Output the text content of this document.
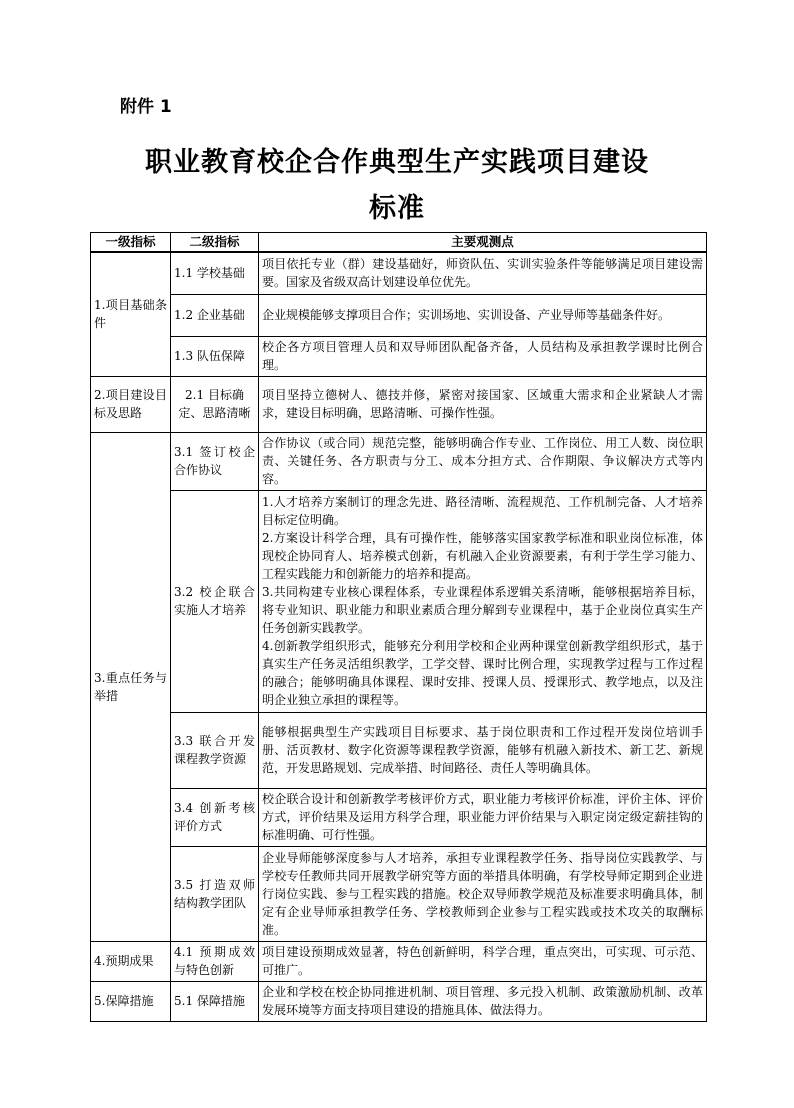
附件 1
职业教育校企合作典型生产实践项目建设
标准
一级指标	二级指标	主要观测点
1.项目基础条件	1.1 学校基础	项目依托专业（群）建设基础好，师资队伍、实训实验条件等能够满足项目建设需要。国家及省级双高计划建设单位优先。
	1.2 企业基础	企业规模能够支撑项目合作；实训场地、实训设备、产业导师等基础条件好。
	1.3 队伍保障	校企各方项目管理人员和双导师团队配备齐备，人员结构及承担教学课时比例合理。
2.项目建设目标及思路	2.1 目标确定、思路清晰	项目坚持立德树人、德技并修，紧密对接国家、区域重大需求和企业紧缺人才需求，建设目标明确，思路清晰、可操作性强。
3.重点任务与举措	3.1 签订校企合作协议	合作协议（或合同）规范完整，能够明确合作专业、工作岗位、用工人数、岗位职责、关键任务、各方职责与分工、成本分担方式、合作期限、争议解决方式等内容。
	3.2 校企联合实施人才培养	1.人才培养方案制订的理念先进、路径清晰、流程规范、工作机制完备、人才培养目标定位明确。
2.方案设计科学合理，具有可操作性，能够落实国家教学标准和职业岗位标准，体现校企协同育人、培养模式创新，有机融入企业资源要素，有利于学生学习能力、工程实践能力和创新能力的培养和提高。
3.共同构建专业核心课程体系，专业课程体系逻辑关系清晰，能够根据培养目标，将专业知识、职业能力和职业素质合理分解到专业课程中，基于企业岗位真实生产任务创新实践教学。
4.创新教学组织形式，能够充分利用学校和企业两种课堂创新教学组织形式，基于真实生产任务灵活组织教学，工学交替、课时比例合理，实现教学过程与工作过程的融合；能够明确具体课程、课时安排、授课人员、授课形式、教学地点，以及注明企业独立承担的课程等。

	3.3 联合开发课程教学资源	能够根据典型生产实践项目目标要求、基于岗位职责和工作过程开发岗位培训手册、活页教材、数字化资源等课程教学资源，能够有机融入新技术、新工艺、新规范，开发思路规划、完成举措、时间路径、责任人等明确具体。
	3.4 创新考核评价方式	校企联合设计和创新教学考核评价方式，职业能力考核评价标准，评价主体、评价方式，评价结果及运用方科学合理，职业能力评价结果与入职定岗定级定薪挂钩的标准明确、可行性强。
	3.5 打造双师结构教学团队	企业导师能够深度参与人才培养，承担专业课程教学任务、指导岗位实践教学、与学校专任教师共同开展教学研究等方面的举措具体明确，有学校导师定期到企业进行岗位实践、参与工程实践的措施。校企双导师教学规范及标准要求明确具体，制定有企业导师承担教学任务、学校教师到企业参与工程实践或技术攻关的取酬标准。
4.预期成果	4.1 预期成效与特色创新	项目建设预期成效显著，特色创新鲜明，科学合理，重点突出，可实现、可示范、可推广。
5.保障措施	5.1 保障措施	企业和学校在校企协同推进机制、项目管理、多元投入机制、政策激励机制、改革发展环境等方面支持项目建设的措施具体、做法得力。
